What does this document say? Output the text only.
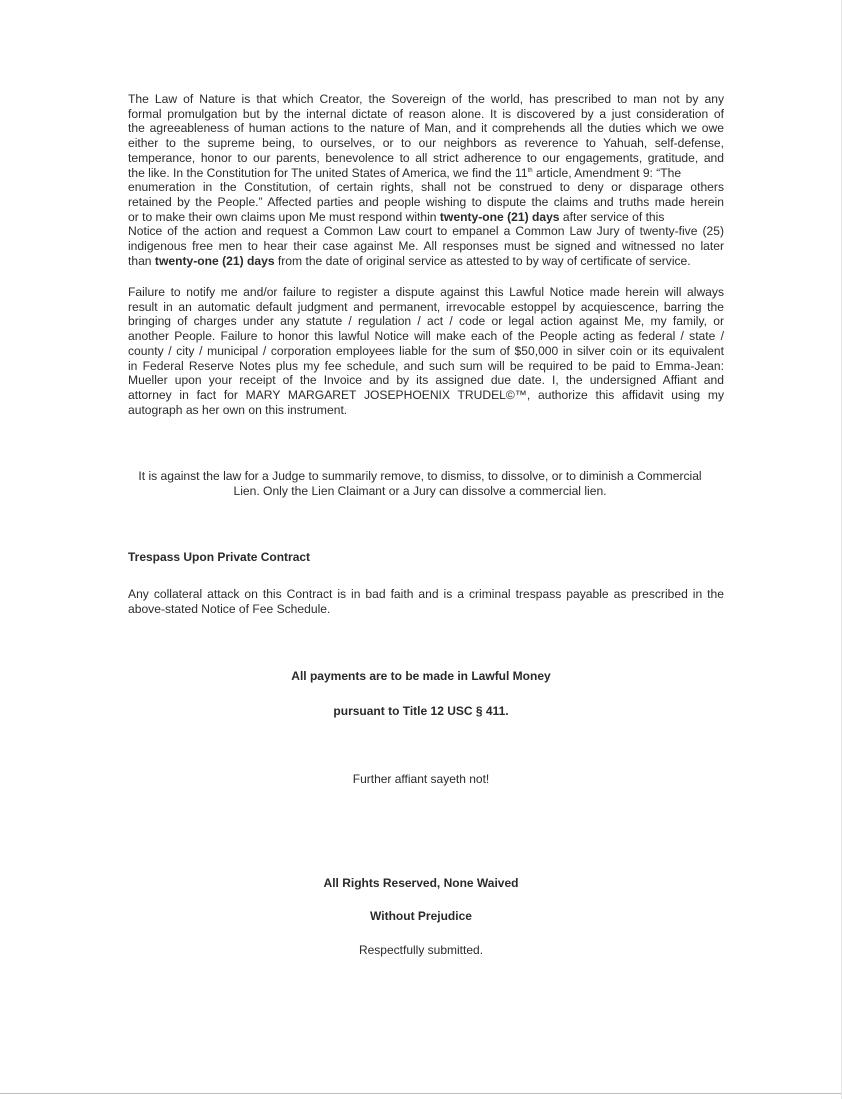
The Law of Nature is that which Creator, the Sovereign of the world, has prescribed to man not by any
formal promulgation but by the internal dictate of reason alone. It is discovered by a just consideration of
the agreeableness of human actions to the nature of Man, and it comprehends all the duties which we owe
either to the supreme being, to ourselves, or to our neighbors as reverence to Yahuah, self-defense,
temperance, honor to our parents, benevolence to all strict adherence to our engagements, gratitude, and
the like. In the Constitution for The united States of America, we find the 11th article, Amendment 9: “The
enumeration in the Constitution, of certain rights, shall not be construed to deny or disparage others
retained by the People.” Affected parties and people wishing to dispute the claims and truths made herein
or to make their own claims upon Me must respond within twenty-one (21) days after service of this
Notice of the action and request a Common Law court to empanel a Common Law Jury of twenty-five (25)
indigenous free men to hear their case against Me. All responses must be signed and witnessed no later
than twenty-one (21) days from the date of original service as attested to by way of certificate of service.
Failure to notify me and/or failure to register a dispute against this Lawful Notice made herein will always
result in an automatic default judgment and permanent, irrevocable estoppel by acquiescence, barring the
bringing of charges under any statute / regulation / act / code or legal action against Me, my family, or
another People. Failure to honor this lawful Notice will make each of the People acting as federal / state /
county / city / municipal / corporation employees liable for the sum of $50,000 in silver coin or its equivalent
in Federal Reserve Notes plus my fee schedule, and such sum will be required to be paid to Emma-Jean:
Mueller upon your receipt of the Invoice and by its assigned due date. I, the undersigned Affiant and
attorney in fact for MARY MARGARET JOSEPHOENIX TRUDEL©™, authorize this affidavit using my
autograph as her own on this instrument.
It is against the law for a Judge to summarily remove, to dismiss, to dissolve, or to diminish a Commercial
Lien. Only the Lien Claimant or a Jury can dissolve a commercial lien.
Trespass Upon Private Contract
Any collateral attack on this Contract is in bad faith and is a criminal trespass payable as prescribed in the
above-stated Notice of Fee Schedule.
All payments are to be made in Lawful Money
pursuant to Title 12 USC § 411.
Further affiant sayeth not!
All Rights Reserved, None Waived
Without Prejudice
Respectfully submitted.
